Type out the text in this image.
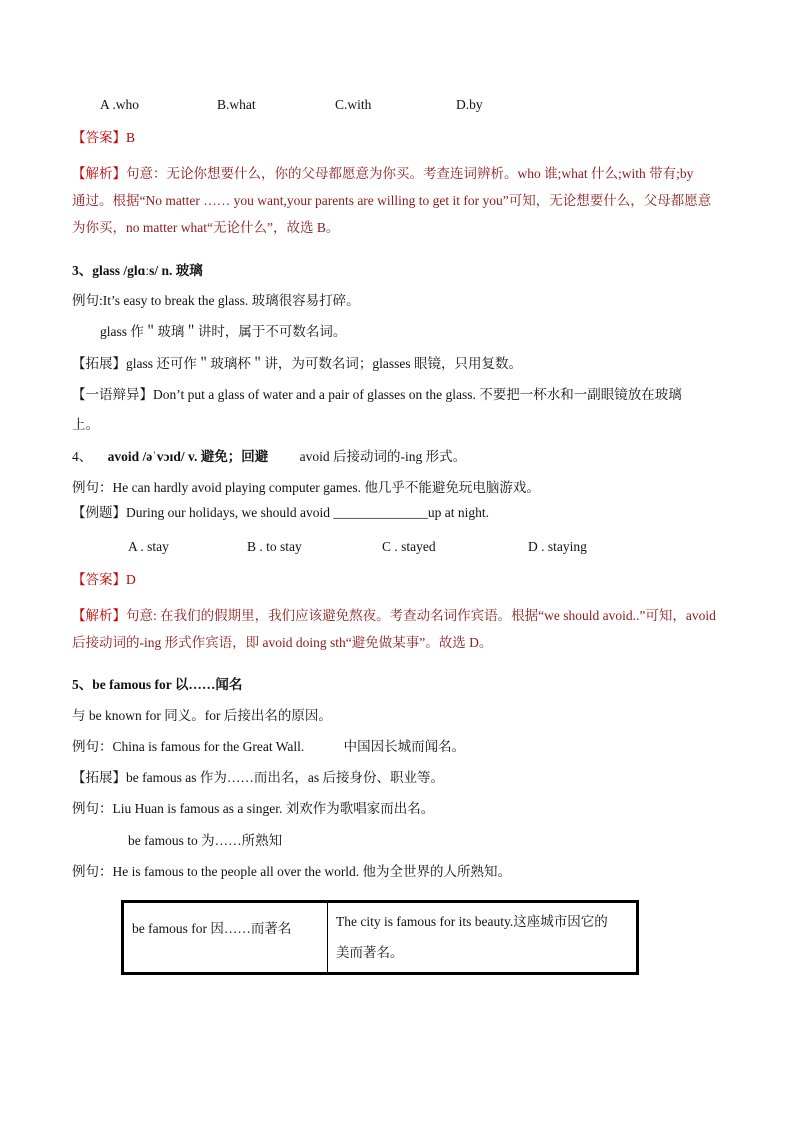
A .who	B.what	C.with	D.by
【答案】B
【解析】句意：无论你想要什么，你的父母都愿意为你买。考查连词辨析。who 谁;what 什么;with 带有;by
通过。根据“No matter …… you want,your parents are willing to get it for you”可知，无论想要什么，父母都愿意
为你买，no matter what“无论什么”，故选 B。
3、glass /glɑːs/ n. 玻璃
例句:It’s easy to break the glass. 玻璃很容易打碎。
glass 作＂玻璃＂讲时，属于不可数名词。
【拓展】glass 还可作＂玻璃杯＂讲，为可数名词；glasses 眼镜，只用复数。
【一语辩异】Don’t put a glass of water and a pair of glasses on the glass. 不要把一杯水和一副眼镜放在玻璃
上。
4、 avoid /əˈvɔɪd/ v. 避免；回避 avoid 后接动词的-ing 形式。
例句：He can hardly avoid playing computer games. 他几乎不能避免玩电脑游戏。
【例题】During our holidays, we should avoid ______________up at night.
A . stay	B . to stay	C . stayed	D . staying
【答案】D
【解析】句意: 在我们的假期里，我们应该避免熬夜。考查动名词作宾语。根据“we should avoid..”可知，avoid
后接动词的-ing 形式作宾语，即 avoid doing sth“避免做某事”。故选 D。
5、be famous for 以……闻名
与 be known for 同义。for 后接出名的原因。
例句：China is famous for the Great Wall.	中国因长城而闻名。
【拓展】be famous as 作为……而出名，as 后接身份、职业等。
例句：Liu Huan is famous as a singer. 刘欢作为歌唱家而出名。
be famous to 为……所熟知
例句：He is famous to the people all over the world. 他为全世界的人所熟知。
be famous for 因……而著名	The city is famous for its beauty.这座城市因它的
美而著名。
